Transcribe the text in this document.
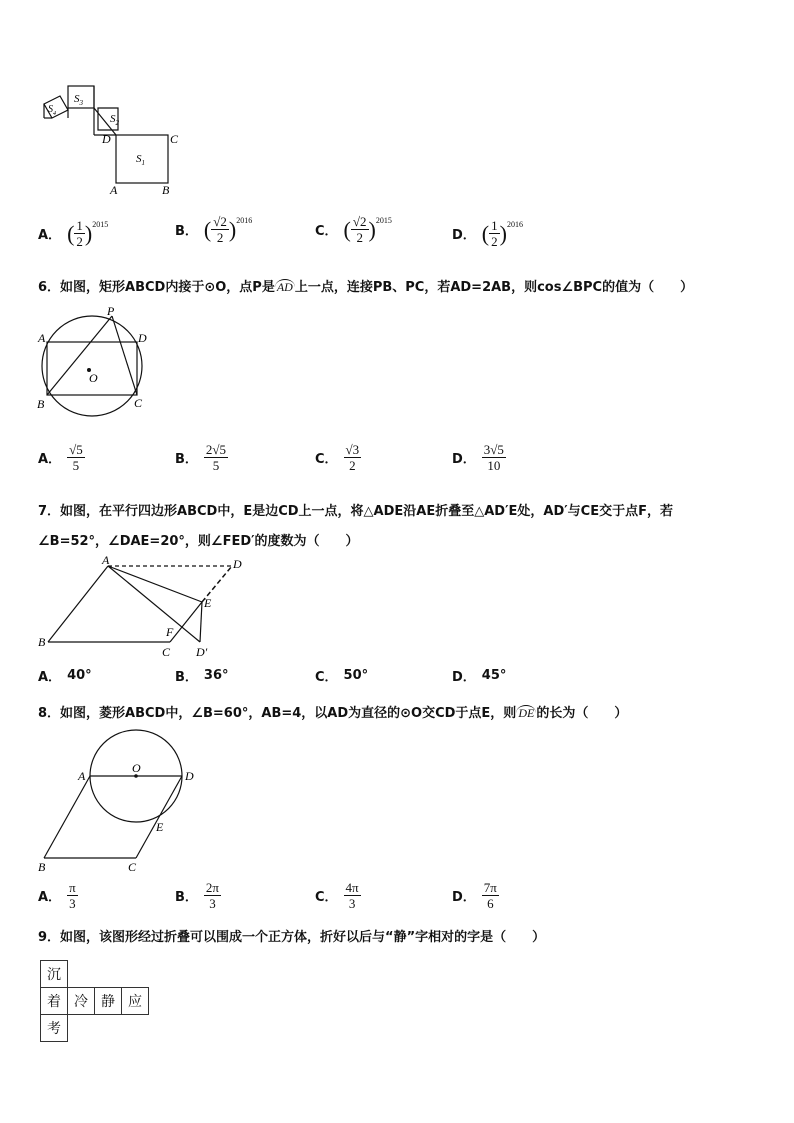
$S_3$
$S_2$
$S_4$
$S_1$
D	C
A	B
A． ( $\frac{1}{2}$ ) 2015	B． ( $\frac{√2}{2}$ ) 2016
C． ( $\frac{√2}{2}$ ) 2015
D． ( $\frac{1}{2}$ ) 2016
6．如图，矩形ABCD内接于⊙O，点P是 AD 上一点，连接PB、PC，若AD=2AB，则cos∠BPC的值为（　　）
P
A	D
B	C
O
A． $\frac{√5}{5}$	B． $\frac{2√5}{5}$	C． $\frac{√3}{2}$	D． $\frac{3√5}{10}$
7．如图，在平行四边形ABCD中，E是边CD上一点，将△ADE沿AE折叠至△AD′E处，AD′与CE交于点F，若
∠B=52°，∠DAE=20°，则∠FED′的度数为（　　）
A	D
E
F
B
C D′
A． 40°	B． 36°	C． 50°	D． 45°
8．如图，菱形ABCD中，∠B=60°，AB=4，以AD为直径的⊙O交CD于点E，则 DE 的长为（　　）
O
A	D
E
B	C
A． $\frac{\pi}{3}$	B． $\frac{2\pi}{3}$	C． $\frac{4\pi}{3}$	D． $\frac{7\pi}{6}$
9．如图，该图形经过折叠可以围成一个正方体，折好以后与“静”字相对的字是（　　）
沉			
着	冷	静	应
考			
